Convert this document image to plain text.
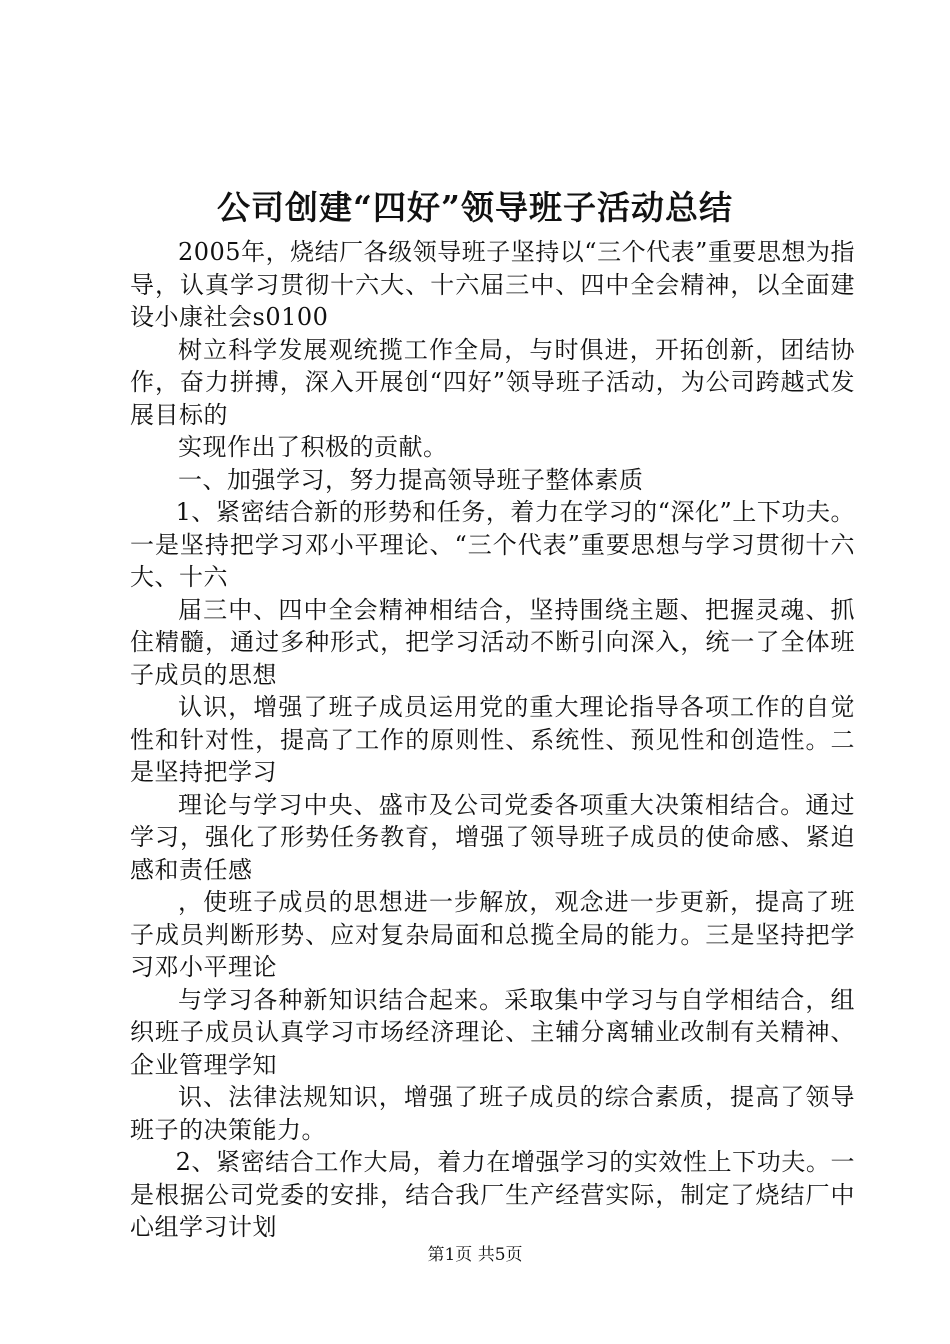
公司创建“四好”领导班子活动总结

2005年，烧结厂各级领导班子坚持以“三个代表”重要思想为指导，认真学习贯彻十六大、十六届三中、四中全会精神，以全面建设小康社会s0100

树立科学发展观统揽工作全局，与时俱进，开拓创新，团结协作，奋力拼搏，深入开展创“四好”领导班子活动，为公司跨越式发展目标的

实现作出了积极的贡献。

一、加强学习，努力提高领导班子整体素质

1、紧密结合新的形势和任务，着力在学习的“深化”上下功夫。一是坚持把学习邓小平理论、“三个代表”重要思想与学习贯彻十六大、十六

届三中、四中全会精神相结合，坚持围绕主题、把握灵魂、抓住精髓，通过多种形式，把学习活动不断引向深入，统一了全体班子成员的思想

认识，增强了班子成员运用党的重大理论指导各项工作的自觉性和针对性，提高了工作的原则性、系统性、预见性和创造性。二是坚持把学习

理论与学习中央、盛市及公司党委各项重大决策相结合。通过学习，强化了形势任务教育，增强了领导班子成员的使命感、紧迫感和责任感

，使班子成员的思想进一步解放，观念进一步更新，提高了班子成员判断形势、应对复杂局面和总揽全局的能力。三是坚持把学习邓小平理论

与学习各种新知识结合起来。采取集中学习与自学相结合，组织班子成员认真学习市场经济理论、主辅分离辅业改制有关精神、企业管理学知

识、法律法规知识，增强了班子成员的综合素质，提高了领导班子的决策能力。

2、紧密结合工作大局，着力在增强学习的实效性上下功夫。一是根据公司党委的安排，结合我厂生产经营实际，制定了烧结厂中心组学习计划

第1页 共5页
